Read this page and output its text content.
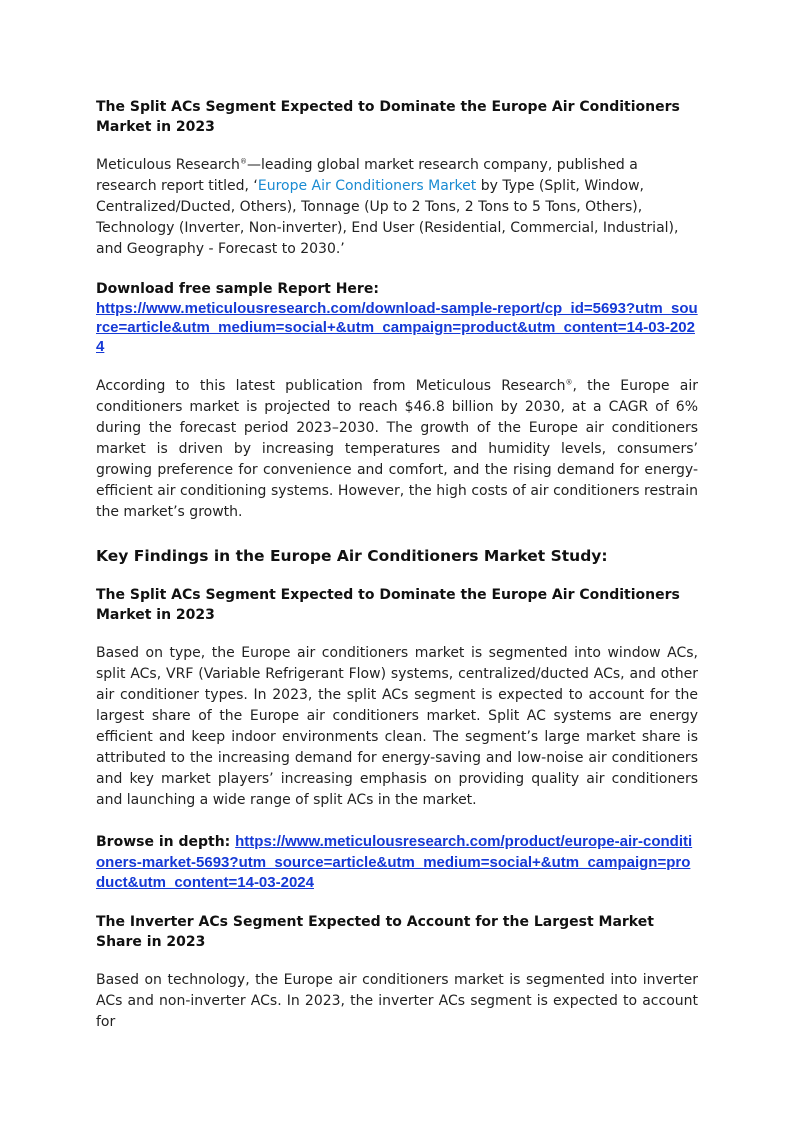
The Split ACs Segment Expected to Dominate the Europe Air Conditioners Market in 2023

Meticulous Research®—leading global market research company, published a research report titled, ‘Europe Air Conditioners Market by Type (Split, Window, Centralized/Ducted, Others), Tonnage (Up to 2 Tons, 2 Tons to 5 Tons, Others), Technology (Inverter, Non-inverter), End User (Residential, Commercial, Industrial), and Geography - Forecast to 2030.’

Download free sample Report Here:
https://www.meticulousresearch.com/download-sample-report/cp_id=5693?utm_source=article&utm_medium=social+&utm_campaign=product&utm_content=14-03-2024

According to this latest publication from Meticulous Research®, the Europe air conditioners market is projected to reach $46.8 billion by 2030, at a CAGR of 6% during the forecast period 2023–2030. The growth of the Europe air conditioners market is driven by increasing temperatures and humidity levels, consumers’ growing preference for convenience and comfort, and the rising demand for energy-efficient air conditioning systems. However, the high costs of air conditioners restrain the market’s growth.

Key Findings in the Europe Air Conditioners Market Study:
The Split ACs Segment Expected to Dominate the Europe Air Conditioners Market in 2023

Based on type, the Europe air conditioners market is segmented into window ACs, split ACs, VRF (Variable Refrigerant Flow) systems, centralized/ducted ACs, and other air conditioner types. In 2023, the split ACs segment is expected to account for the largest share of the Europe air conditioners market. Split AC systems are energy efficient and keep indoor environments clean. The segment’s large market share is attributed to the increasing demand for energy-saving and low-noise air conditioners and key market players’ increasing emphasis on providing quality air conditioners and launching a wide range of split ACs in the market.

Browse in depth: https://www.meticulousresearch.com/product/europe-air-conditioners-market-5693?utm_source=article&utm_medium=social+&utm_campaign=product&utm_content=14-03-2024
The Inverter ACs Segment Expected to Account for the Largest Market Share in 2023

Based on technology, the Europe air conditioners market is segmented into inverter ACs and non-inverter ACs. In 2023, the inverter ACs segment is expected to account for
